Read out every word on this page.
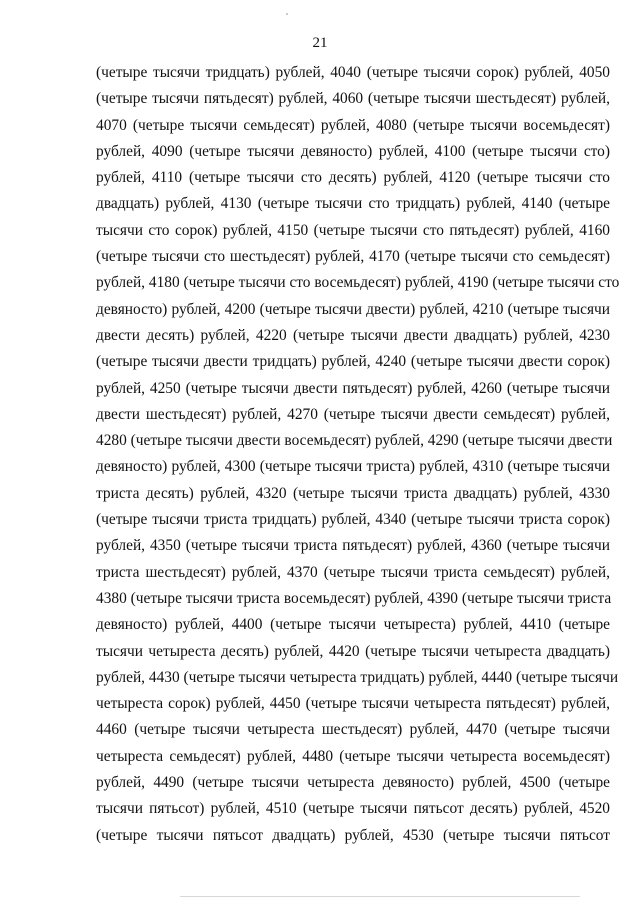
21
(четыре тысячи тридцать) рублей, 4040 (четыре тысячи сорок) рублей, 4050
(четыре тысячи пятьдесят) рублей, 4060 (четыре тысячи шестьдесят) рублей,
4070 (четыре тысячи семьдесят) рублей, 4080 (четыре тысячи восемьдесят)
рублей, 4090 (четыре тысячи девяносто) рублей, 4100 (четыре тысячи сто)
рублей, 4110 (четыре тысячи сто десять) рублей, 4120 (четыре тысячи сто
двадцать) рублей, 4130 (четыре тысячи сто тридцать) рублей, 4140 (четыре
тысячи сто сорок) рублей, 4150 (четыре тысячи сто пятьдесят) рублей, 4160
(четыре тысячи сто шестьдесят) рублей, 4170 (четыре тысячи сто семьдесят)
рублей, 4180 (четыре тысячи сто восемьдесят) рублей, 4190 (четыре тысячи сто
девяносто) рублей, 4200 (четыре тысячи двести) рублей, 4210 (четыре тысячи
двести десять) рублей, 4220 (четыре тысячи двести двадцать) рублей, 4230
(четыре тысячи двести тридцать) рублей, 4240 (четыре тысячи двести сорок)
рублей, 4250 (четыре тысячи двести пятьдесят) рублей, 4260 (четыре тысячи
двести шестьдесят) рублей, 4270 (четыре тысячи двести семьдесят) рублей,
4280 (четыре тысячи двести восемьдесят) рублей, 4290 (четыре тысячи двести
девяносто) рублей, 4300 (четыре тысячи триста) рублей, 4310 (четыре тысячи
триста десять) рублей, 4320 (четыре тысячи триста двадцать) рублей, 4330
(четыре тысячи триста тридцать) рублей, 4340 (четыре тысячи триста сорок)
рублей, 4350 (четыре тысячи триста пятьдесят) рублей, 4360 (четыре тысячи
триста шестьдесят) рублей, 4370 (четыре тысячи триста семьдесят) рублей,
4380 (четыре тысячи триста восемьдесят) рублей, 4390 (четыре тысячи триста
девяносто) рублей, 4400 (четыре тысячи четыреста) рублей, 4410 (четыре
тысячи четыреста десять) рублей, 4420 (четыре тысячи четыреста двадцать)
рублей, 4430 (четыре тысячи четыреста тридцать) рублей, 4440 (четыре тысячи
четыреста сорок) рублей, 4450 (четыре тысячи четыреста пятьдесят) рублей,
4460 (четыре тысячи четыреста шестьдесят) рублей, 4470 (четыре тысячи
четыреста семьдесят) рублей, 4480 (четыре тысячи четыреста восемьдесят)
рублей, 4490 (четыре тысячи четыреста девяносто) рублей, 4500 (четыре
тысячи пятьсот) рублей, 4510 (четыре тысячи пятьсот десять) рублей, 4520
(четыре тысячи пятьсот двадцать) рублей, 4530 (четыре тысячи пятьсот
